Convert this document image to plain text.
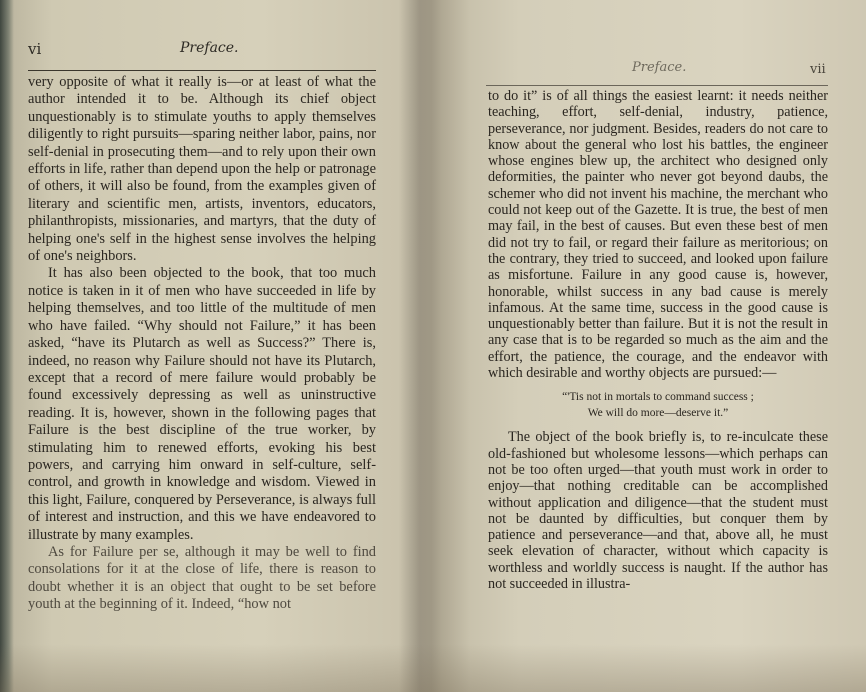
vi	Preface.

very opposite of what it really is—or at least of what the author intended it to be. Although its chief object unquestionably is to stimulate youths to apply themselves diligently to right pursuits—sparing neither labor, pains, nor self-denial in prosecuting them—and to rely upon their own efforts in life, rather than depend upon the help or patronage of others, it will also be found, from the examples given of literary and scientific men, artists, inventors, educators, philanthropists, missionaries, and martyrs, that the duty of helping one's self in the highest sense involves the helping of one's neighbors.

It has also been objected to the book, that too much notice is taken in it of men who have succeeded in life by helping themselves, and too little of the multitude of men who have failed. “Why should not Failure,” it has been asked, “have its Plutarch as well as Success?” There is, indeed, no reason why Failure should not have its Plutarch, except that a record of mere failure would probably be found excessively depressing as well as uninstructive reading. It is, however, shown in the following pages that Failure is the best discipline of the true worker, by stimulating him to renewed efforts, evoking his best powers, and carrying him onward in self-culture, self-control, and growth in knowledge and wisdom. Viewed in this light, Failure, conquered by Perseverance, is always full of interest and instruction, and this we have endeavored to illustrate by many examples.

As for Failure per se, although it may be well to find consolations for it at the close of life, there is reason to doubt whether it is an object that ought to be set before youth at the beginning of it. Indeed, “how not

Preface.	vii

to do it” is of all things the easiest learnt: it needs neither teaching, effort, self-denial, industry, patience, perseverance, nor judgment. Besides, readers do not care to know about the general who lost his battles, the engineer whose engines blew up, the architect who designed only deformities, the painter who never got beyond daubs, the schemer who did not invent his machine, the merchant who could not keep out of the Gazette. It is true, the best of men may fail, in the best of causes. But even these best of men did not try to fail, or regard their failure as meritorious; on the contrary, they tried to succeed, and looked upon failure as misfortune. Failure in any good cause is, however, honorable, whilst success in any bad cause is merely infamous. At the same time, success in the good cause is unquestionably better than failure. But it is not the result in any case that is to be regarded so much as the aim and the effort, the patience, the courage, and the endeavor with which desirable and worthy objects are pursued:—

“'Tis not in mortals to command success ;
We will do more—deserve it.”

The object of the book briefly is, to re-inculcate these old-fashioned but wholesome lessons—which perhaps can not be too often urged—that youth must work in order to enjoy—that nothing creditable can be accomplished without application and diligence—that the student must not be daunted by difficulties, but conquer them by patience and perseverance—and that, above all, he must seek elevation of character, without which capacity is worthless and worldly success is naught. If the author has not succeeded in illustra-
